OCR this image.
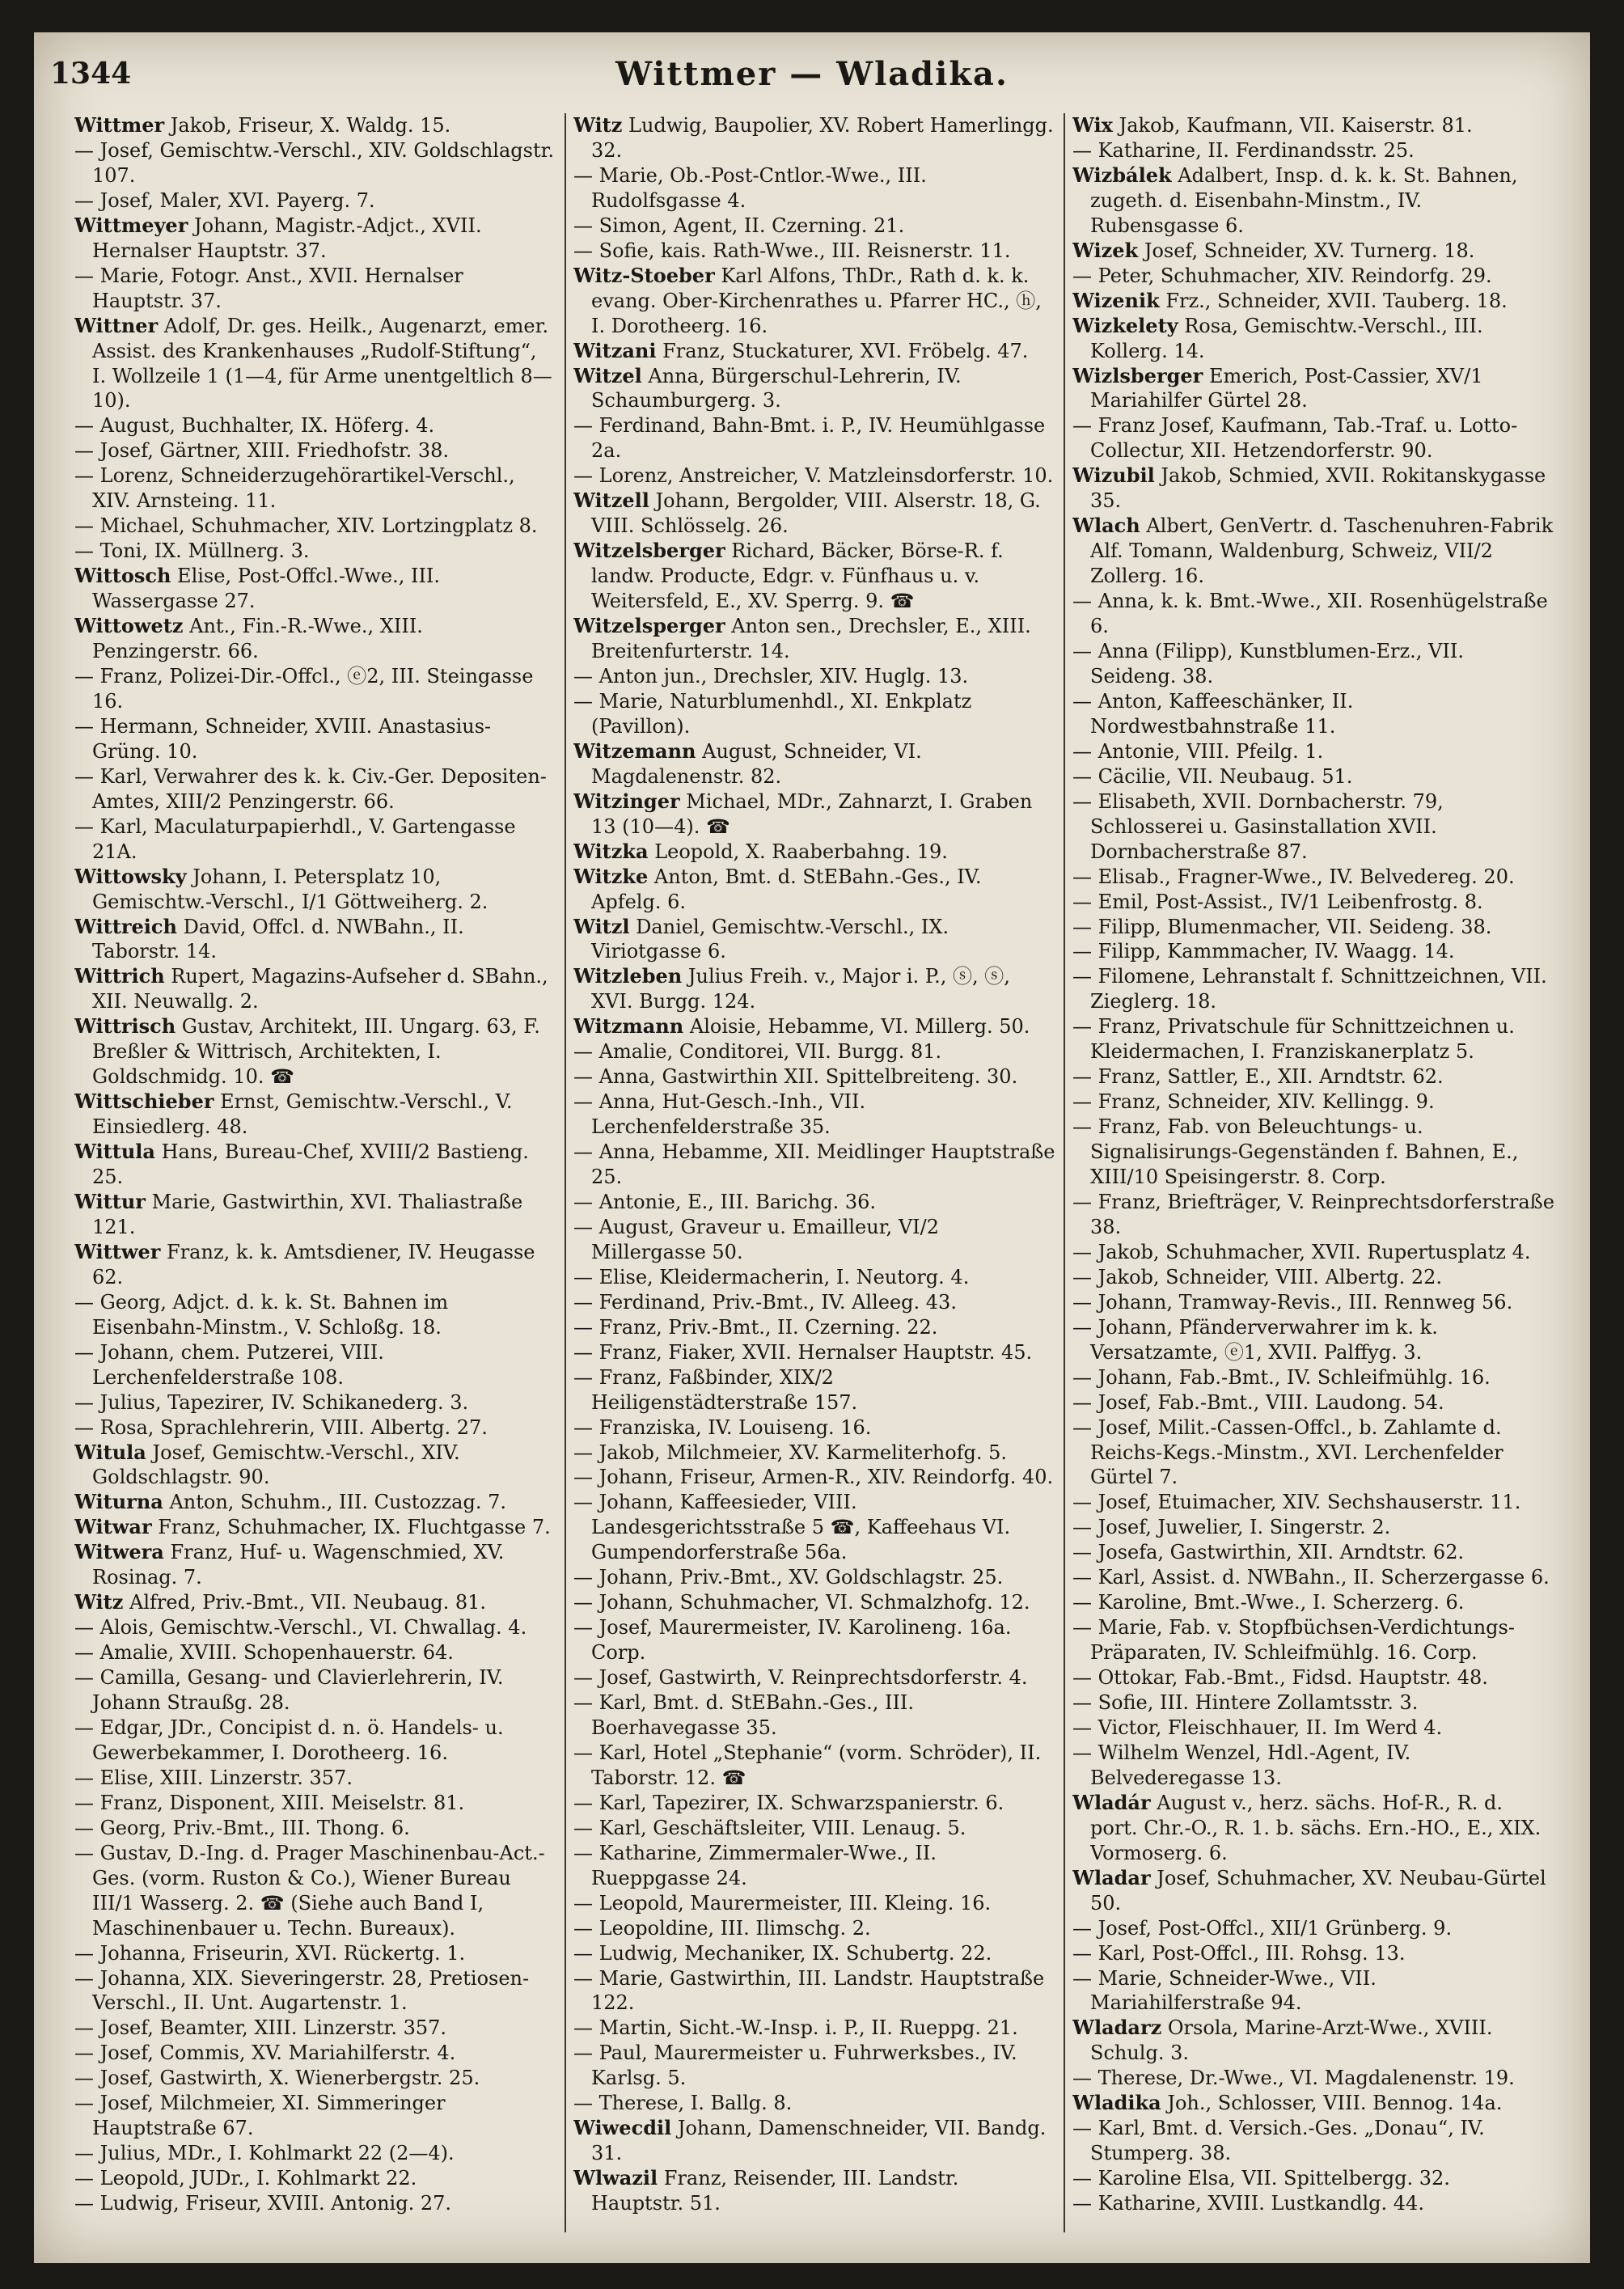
1344	Wittmer — Wladika.

Wittmer Jakob, Friseur, X. Waldg. 15.

— Josef, Gemischtw.-Verschl., XIV. Goldschlagstr. 107.

— Josef, Maler, XVI. Payerg. 7.

Wittmeyer Johann, Magistr.-Adjct., XVII. Hernalser Hauptstr. 37.

— Marie, Fotogr. Anst., XVII. Hernalser Hauptstr. 37.

Wittner Adolf, Dr. ges. Heilk., Augenarzt, emer. Assist. des Krankenhauses „Rudolf-Stiftung“, I. Wollzeile 1 (1—4, für Arme unentgeltlich 8—10).

— August, Buchhalter, IX. Höferg. 4.

— Josef, Gärtner, XIII. Friedhofstr. 38.

— Lorenz, Schneiderzugehörartikel-Verschl., XIV. Arnsteing. 11.

— Michael, Schuhmacher, XIV. Lortzingplatz 8.

— Toni, IX. Müllnerg. 3.

Wittosch Elise, Post-Offcl.-Wwe., III. Wassergasse 27.

Wittowetz Ant., Fin.-R.-Wwe., XIII. Penzingerstr. 66.

— Franz, Polizei-Dir.-Offcl., ⓔ2, III. Steingasse 16.

— Hermann, Schneider, XVIII. Anastasius-Grüng. 10.

— Karl, Verwahrer des k. k. Civ.-Ger. Depositen-Amtes, XIII/2 Penzingerstr. 66.

— Karl, Maculaturpapierhdl., V. Gartengasse 21A.

Wittowsky Johann, I. Petersplatz 10, Gemischtw.-Verschl., I/1 Göttweiherg. 2.

Wittreich David, Offcl. d. NWBahn., II. Taborstr. 14.

Wittrich Rupert, Magazins-Aufseher d. SBahn., XII. Neuwallg. 2.

Wittrisch Gustav, Architekt, III. Ungarg. 63, F. Breßler & Wittrisch, Architekten, I. Goldschmidg. 10. ☎

Wittschieber Ernst, Gemischtw.-Verschl., V. Einsiedlerg. 48.

Wittula Hans, Bureau-Chef, XVIII/2 Bastieng. 25.

Wittur Marie, Gastwirthin, XVI. Thaliastraße 121.

Wittwer Franz, k. k. Amtsdiener, IV. Heugasse 62.

— Georg, Adjct. d. k. k. St. Bahnen im Eisenbahn-Minstm., V. Schloßg. 18.

— Johann, chem. Putzerei, VIII. Lerchenfelderstraße 108.

— Julius, Tapezirer, IV. Schikanederg. 3.

— Rosa, Sprachlehrerin, VIII. Albertg. 27.

Witula Josef, Gemischtw.-Verschl., XIV. Goldschlagstr. 90.

Witurna Anton, Schuhm., III. Custozzag. 7.

Witwar Franz, Schuhmacher, IX. Fluchtgasse 7.

Witwera Franz, Huf- u. Wagenschmied, XV. Rosinag. 7.

Witz Alfred, Priv.-Bmt., VII. Neubaug. 81.

— Alois, Gemischtw.-Verschl., VI. Chwallag. 4.

— Amalie, XVIII. Schopenhauerstr. 64.

— Camilla, Gesang- und Clavierlehrerin, IV. Johann Straußg. 28.

— Edgar, JDr., Concipist d. n. ö. Handels- u. Gewerbekammer, I. Dorotheerg. 16.

— Elise, XIII. Linzerstr. 357.

— Franz, Disponent, XIII. Meiselstr. 81.

— Georg, Priv.-Bmt., III. Thong. 6.

— Gustav, D.-Ing. d. Prager Maschinenbau-Act.-Ges. (vorm. Ruston & Co.), Wiener Bureau III/1 Wasserg. 2. ☎ (Siehe auch Band I, Maschinenbauer u. Techn. Bureaux).

— Johanna, Friseurin, XVI. Rückertg. 1.

— Johanna, XIX. Sieveringerstr. 28, Pretiosen-Verschl., II. Unt. Augartenstr. 1.

— Josef, Beamter, XIII. Linzerstr. 357.

— Josef, Commis, XV. Mariahilferstr. 4.

— Josef, Gastwirth, X. Wienerbergstr. 25.

— Josef, Milchmeier, XI. Simmeringer Hauptstraße 67.

— Julius, MDr., I. Kohlmarkt 22 (2—4).

— Leopold, JUDr., I. Kohlmarkt 22.

— Ludwig, Friseur, XVIII. Antonig. 27.

Witz Ludwig, Baupolier, XV. Robert Hamerlingg. 32.

— Marie, Ob.-Post-Cntlor.-Wwe., III. Rudolfsgasse 4.

— Simon, Agent, II. Czerning. 21.

— Sofie, kais. Rath-Wwe., III. Reisnerstr. 11.

Witz-Stoeber Karl Alfons, ThDr., Rath d. k. k. evang. Ober-Kirchenrathes u. Pfarrer HC., ⓗ, I. Dorotheerg. 16.

Witzani Franz, Stuckaturer, XVI. Fröbelg. 47.

Witzel Anna, Bürgerschul-Lehrerin, IV. Schaumburgerg. 3.

— Ferdinand, Bahn-Bmt. i. P., IV. Heumühlgasse 2a.

— Lorenz, Anstreicher, V. Matzleinsdorferstr. 10.

Witzell Johann, Bergolder, VIII. Alserstr. 18, G. VIII. Schlösselg. 26.

Witzelsberger Richard, Bäcker, Börse-R. f. landw. Producte, Edgr. v. Fünfhaus u. v. Weitersfeld, E., XV. Sperrg. 9. ☎

Witzelsperger Anton sen., Drechsler, E., XIII. Breitenfurterstr. 14.

— Anton jun., Drechsler, XIV. Huglg. 13.

— Marie, Naturblumenhdl., XI. Enkplatz (Pavillon).

Witzemann August, Schneider, VI. Magdalenenstr. 82.

Witzinger Michael, MDr., Zahnarzt, I. Graben 13 (10—4). ☎

Witzka Leopold, X. Raaberbahng. 19.

Witzke Anton, Bmt. d. StEBahn.-Ges., IV. Apfelg. 6.

Witzl Daniel, Gemischtw.-Verschl., IX. Viriotgasse 6.

Witzleben Julius Freih. v., Major i. P., ⓢ, ⓢ, XVI. Burgg. 124.

Witzmann Aloisie, Hebamme, VI. Millerg. 50.

— Amalie, Conditorei, VII. Burgg. 81.

— Anna, Gastwirthin XII. Spittelbreiteng. 30.

— Anna, Hut-Gesch.-Inh., VII. Lerchenfelderstraße 35.

— Anna, Hebamme, XII. Meidlinger Hauptstraße 25.

— Antonie, E., III. Barichg. 36.

— August, Graveur u. Emailleur, VI/2 Millergasse 50.

— Elise, Kleidermacherin, I. Neutorg. 4.

— Ferdinand, Priv.-Bmt., IV. Alleeg. 43.

— Franz, Priv.-Bmt., II. Czerning. 22.

— Franz, Fiaker, XVII. Hernalser Hauptstr. 45.

— Franz, Faßbinder, XIX/2 Heiligenstädterstraße 157.

— Franziska, IV. Louiseng. 16.

— Jakob, Milchmeier, XV. Karmeliterhofg. 5.

— Johann, Friseur, Armen-R., XIV. Reindorfg. 40.

— Johann, Kaffeesieder, VIII. Landesgerichtsstraße 5 ☎, Kaffeehaus VI. Gumpendorferstraße 56a.

— Johann, Priv.-Bmt., XV. Goldschlagstr. 25.

— Johann, Schuhmacher, VI. Schmalzhofg. 12.

— Josef, Maurermeister, IV. Karolineng. 16a. Corp.

— Josef, Gastwirth, V. Reinprechtsdorferstr. 4.

— Karl, Bmt. d. StEBahn.-Ges., III. Boerhavegasse 35.

— Karl, Hotel „Stephanie“ (vorm. Schröder), II. Taborstr. 12. ☎

— Karl, Tapezirer, IX. Schwarzspanierstr. 6.

— Karl, Geschäftsleiter, VIII. Lenaug. 5.

— Katharine, Zimmermaler-Wwe., II. Rueppgasse 24.

— Leopold, Maurermeister, III. Kleing. 16.

— Leopoldine, III. Ilimschg. 2.

— Ludwig, Mechaniker, IX. Schubertg. 22.

— Marie, Gastwirthin, III. Landstr. Hauptstraße 122.

— Martin, Sicht.-W.-Insp. i. P., II. Rueppg. 21.

— Paul, Maurermeister u. Fuhrwerksbes., IV. Karlsg. 5.

— Therese, I. Ballg. 8.

Wiwecdil Johann, Damenschneider, VII. Bandg. 31.

Wlwazil Franz, Reisender, III. Landstr. Hauptstr. 51.

Wix Jakob, Kaufmann, VII. Kaiserstr. 81.

— Katharine, II. Ferdinandsstr. 25.

Wizbálek Adalbert, Insp. d. k. k. St. Bahnen, zugeth. d. Eisenbahn-Minstm., IV. Rubensgasse 6.

Wizek Josef, Schneider, XV. Turnerg. 18.

— Peter, Schuhmacher, XIV. Reindorfg. 29.

Wizenik Frz., Schneider, XVII. Tauberg. 18.

Wizkelety Rosa, Gemischtw.-Verschl., III. Kollerg. 14.

Wizlsberger Emerich, Post-Cassier, XV/1 Mariahilfer Gürtel 28.

— Franz Josef, Kaufmann, Tab.-Traf. u. Lotto-Collectur, XII. Hetzendorferstr. 90.

Wizubil Jakob, Schmied, XVII. Rokitanskygasse 35.

Wlach Albert, GenVertr. d. Taschenuhren-Fabrik Alf. Tomann, Waldenburg, Schweiz, VII/2 Zollerg. 16.

— Anna, k. k. Bmt.-Wwe., XII. Rosenhügelstraße 6.

— Anna (Filipp), Kunstblumen-Erz., VII. Seideng. 38.

— Anton, Kaffeeschänker, II. Nordwestbahnstraße 11.

— Antonie, VIII. Pfeilg. 1.

— Cäcilie, VII. Neubaug. 51.

— Elisabeth, XVII. Dornbacherstr. 79, Schlosserei u. Gasinstallation XVII. Dornbacherstraße 87.

— Elisab., Fragner-Wwe., IV. Belvedereg. 20.

— Emil, Post-Assist., IV/1 Leibenfrostg. 8.

— Filipp, Blumenmacher, VII. Seideng. 38.

— Filipp, Kammmacher, IV. Waagg. 14.

— Filomene, Lehranstalt f. Schnittzeichnen, VII. Zieglerg. 18.

— Franz, Privatschule für Schnittzeichnen u. Kleidermachen, I. Franziskanerplatz 5.

— Franz, Sattler, E., XII. Arndtstr. 62.

— Franz, Schneider, XIV. Kellingg. 9.

— Franz, Fab. von Beleuchtungs- u. Signalisirungs-Gegenständen f. Bahnen, E., XIII/10 Speisingerstr. 8. Corp.

— Franz, Briefträger, V. Reinprechtsdorferstraße 38.

— Jakob, Schuhmacher, XVII. Rupertusplatz 4.

— Jakob, Schneider, VIII. Albertg. 22.

— Johann, Tramway-Revis., III. Rennweg 56.

— Johann, Pfänderverwahrer im k. k. Versatzamte, ⓔ1, XVII. Palffyg. 3.

— Johann, Fab.-Bmt., IV. Schleifmühlg. 16.

— Josef, Fab.-Bmt., VIII. Laudong. 54.

— Josef, Milit.-Cassen-Offcl., b. Zahlamte d. Reichs-Kegs.-Minstm., XVI. Lerchenfelder Gürtel 7.

— Josef, Etuimacher, XIV. Sechshauserstr. 11.

— Josef, Juwelier, I. Singerstr. 2.

— Josefa, Gastwirthin, XII. Arndtstr. 62.

— Karl, Assist. d. NWBahn., II. Scherzergasse 6.

— Karoline, Bmt.-Wwe., I. Scherzerg. 6.

— Marie, Fab. v. Stopfbüchsen-Verdichtungs-Präparaten, IV. Schleifmühlg. 16. Corp.

— Ottokar, Fab.-Bmt., Fidsd. Hauptstr. 48.

— Sofie, III. Hintere Zollamtsstr. 3.

— Victor, Fleischhauer, II. Im Werd 4.

— Wilhelm Wenzel, Hdl.-Agent, IV. Belvederegasse 13.

Wladár August v., herz. sächs. Hof-R., R. d. port. Chr.-O., R. 1. b. sächs. Ern.-HO., E., XIX. Vormoserg. 6.

Wladar Josef, Schuhmacher, XV. Neubau-Gürtel 50.

— Josef, Post-Offcl., XII/1 Grünberg. 9.

— Karl, Post-Offcl., III. Rohsg. 13.

— Marie, Schneider-Wwe., VII. Mariahilferstraße 94.

Wladarz Orsola, Marine-Arzt-Wwe., XVIII. Schulg. 3.

— Therese, Dr.-Wwe., VI. Magdalenenstr. 19.

Wladika Joh., Schlosser, VIII. Bennog. 14a.

— Karl, Bmt. d. Versich.-Ges. „Donau“, IV. Stumperg. 38.

— Karoline Elsa, VII. Spittelbergg. 32.

— Katharine, XVIII. Lustkandlg. 44.
